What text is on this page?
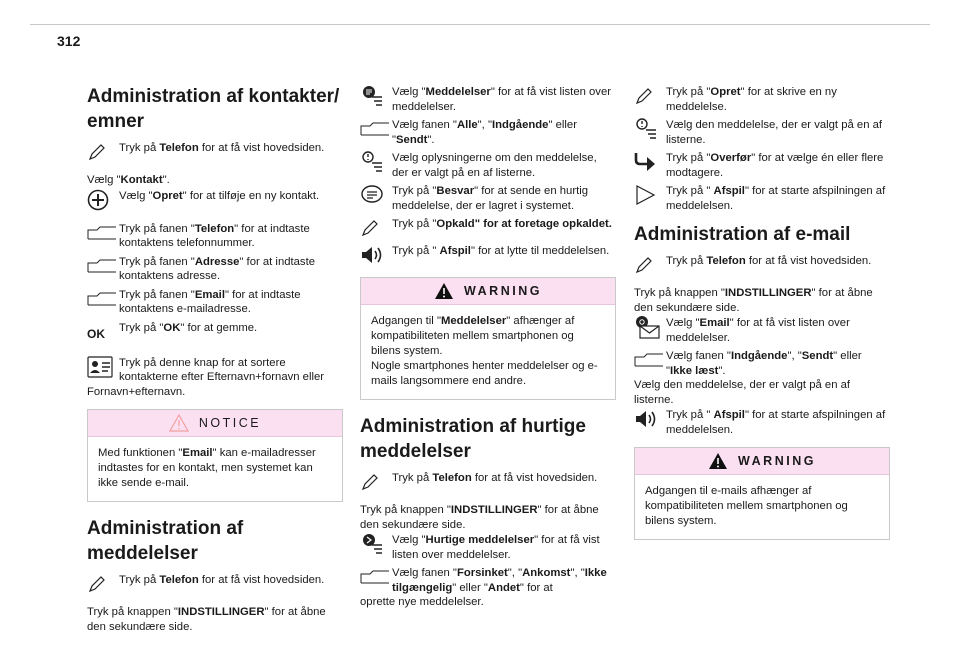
312
Administration af kontakter/ emner
Tryk på Telefon for at få vist hovedsiden.
Vælg "Kontakt".
Vælg "Opret" for at tilføje en ny kontakt.
Tryk på fanen "Telefon" for at indtaste kontaktens telefonnummer.
Tryk på fanen "Adresse" for at indtaste kontaktens adresse.
Tryk på fanen "Email" for at indtaste kontaktens e-mailadresse.
OK	Tryk på "OK" for at gemme.
Tryk på denne knap for at sortere kontakterne efter Efternavn+fornavn eller
Fornavn+efternavn.
NOTICE
Med funktionen "Email" kan e-mailadresser indtastes for en kontakt, men systemet kan ikke sende e-mail.
Administration af meddelelser
Tryk på Telefon for at få vist hovedsiden.
Tryk på knappen "INDSTILLINGER" for at åbne den sekundære side.
Vælg "Meddelelser" for at få vist listen over meddelelser.
Vælg fanen "Alle", "Indgående" eller "Sendt".
Vælg oplysningerne om den meddelelse, der er valgt på en af listerne.
Tryk på "Besvar" for at sende en hurtig meddelelse, der er lagret i systemet.
Tryk på "Opkald" for at foretage opkaldet.
Tryk på " Afspil" for at lytte til meddelelsen.
WARNING
Adgangen til "Meddelelser" afhænger af kompatibiliteten mellem smartphonen og bilens system.
Nogle smartphones henter meddelelser og e-mails langsommere end andre.
Administration af hurtige meddelelser
Tryk på Telefon for at få vist hovedsiden.
Tryk på knappen "INDSTILLINGER" for at åbne den sekundære side.
Vælg "Hurtige meddelelser" for at få vist listen over meddelelser.
Vælg fanen "Forsinket", "Ankomst", "Ikke tilgængelig" eller "Andet" for at
oprette nye meddelelser.
Tryk på "Opret" for at skrive en ny meddelelse.
Vælg den meddelelse, der er valgt på en af listerne.
Tryk på "Overfør" for at vælge én eller flere modtagere.
Tryk på " Afspil" for at starte afspilningen af meddelelsen.
Administration af e-mail
Tryk på Telefon for at få vist hovedsiden.
Tryk på knappen "INDSTILLINGER" for at åbne den sekundære side.
Vælg "Email" for at få vist listen over meddelelser.
Vælg fanen "Indgående", "Sendt" eller "Ikke læst".
Vælg den meddelelse, der er valgt på en af listerne.
Tryk på " Afspil" for at starte afspilningen af meddelelsen.
WARNING
Adgangen til e-mails afhænger af kompatibiliteten mellem smartphonen og bilens system.
